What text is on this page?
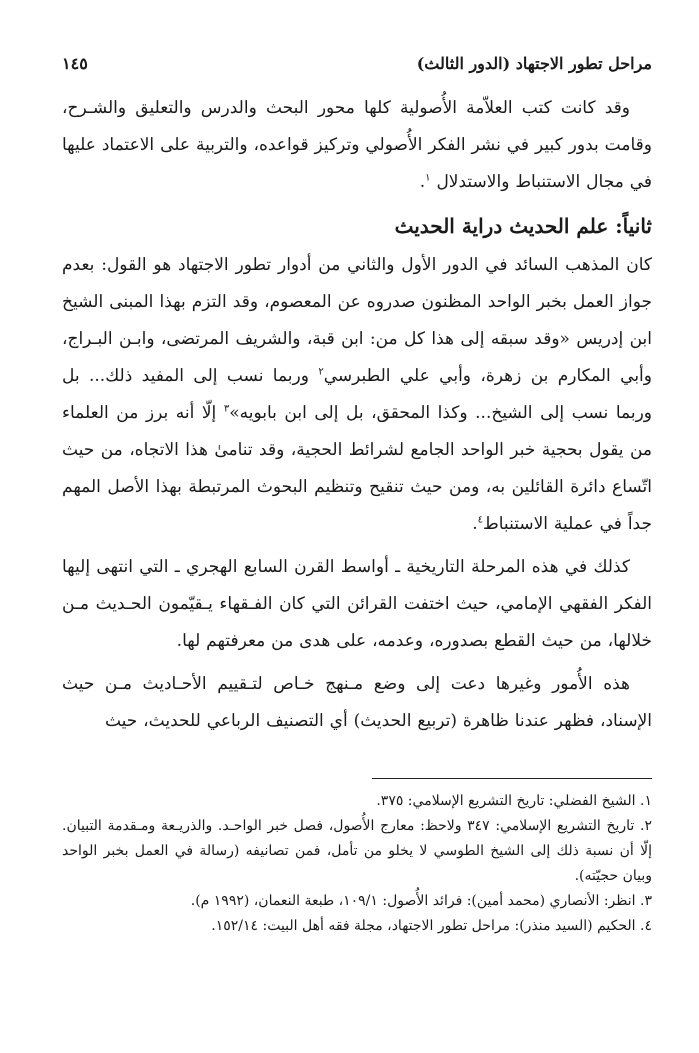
مراحل تطور الاجتهاد (الدور الثالث)
١٤٥

وقد كانت كتب العلاّمة الأُصولية كلها محور البحث والدرس والتعليق والشـرح، وقامت بدور كبير في نشر الفكر الأُصولي وتركيز قواعده، والتربية على الاعتماد عليها في مجال الاستنباط والاستدلال $^١$.

ثانياً: علم الحديث دراية الحديث

كان المذهب السائد في الدور الأول والثاني من أدوار تطور الاجتهاد هو القول: بعدم جواز العمل بخبر الواحد المظنون صدروه عن المعصوم، وقد التزم بهذا المبنى الشيخ ابن إدريس «وقد سبقه إلى هذا كل من: ابن قبة، والشريف المرتضى، وابـن البـراج، وأبي المكارم بن زهرة، وأبي علي الطبرسي$^٢$ وربما نسب إلى المفيد ذلك... بل وربما نسب إلى الشيخ... وكذا المحقق، بل إلى ابن بابويه»$^٣$ إلّا أنه برز من العلماء من يقول بحجية خبر الواحد الجامع لشرائط الحجية، وقد تنامىٰ هذا الاتجاه، من حيث اتّساع دائرة القائلين به، ومن حيث تنقيح وتنظيم البحوث المرتبطة بهذا الأصل المهم جداً في عملية الاستنباط$^٤$.

كذلك في هذه المرحلة التاريخية ـ أواسط القرن السابع الهجري ـ التي انتهى إليها الفكر الفقهي الإمامي، حيث اختفت القرائن التي كان الفـقهاء يـقيّمون الحـديث مـن خلالها، من حيث القطع بصدوره، وعدمه، على هدى من معرفتهم لها.

هذه الأُمور وغيرها دعت إلى وضع مـنهج خـاص لتـقييم الأحـاديث مـن حيث الإسناد، فظهر عندنا ظاهرة (تربيع الحديث) أي التصنيف الرباعي للحديث، حيث

١. الشيخ الفضلي: تاريخ التشريع الإسلامي: ٣٧٥.

٢. تاريخ التشريع الإسلامي: ٣٤٧ ولاحظ: معارج الأُصول، فصل خبر الواحـد. والذريـعة ومـقدمة التبيان. إلّا أن نسبة ذلك إلى الشيخ الطوسي لا يخلو من تأمل، فمن تصانيفه (رسالة في العمل بخبر الواحد وبيان حجيّته).

٣. انظر: الأنصاري (محمد أمين): فرائد الأُصول: ١٠٩/١، طبعة النعمان، (١٩٩٢ م).

٤. الحكيم (السيد منذر): مراحل تطور الاجتهاد، مجلة فقه أهل البيت: ١٥٢/١٤.
